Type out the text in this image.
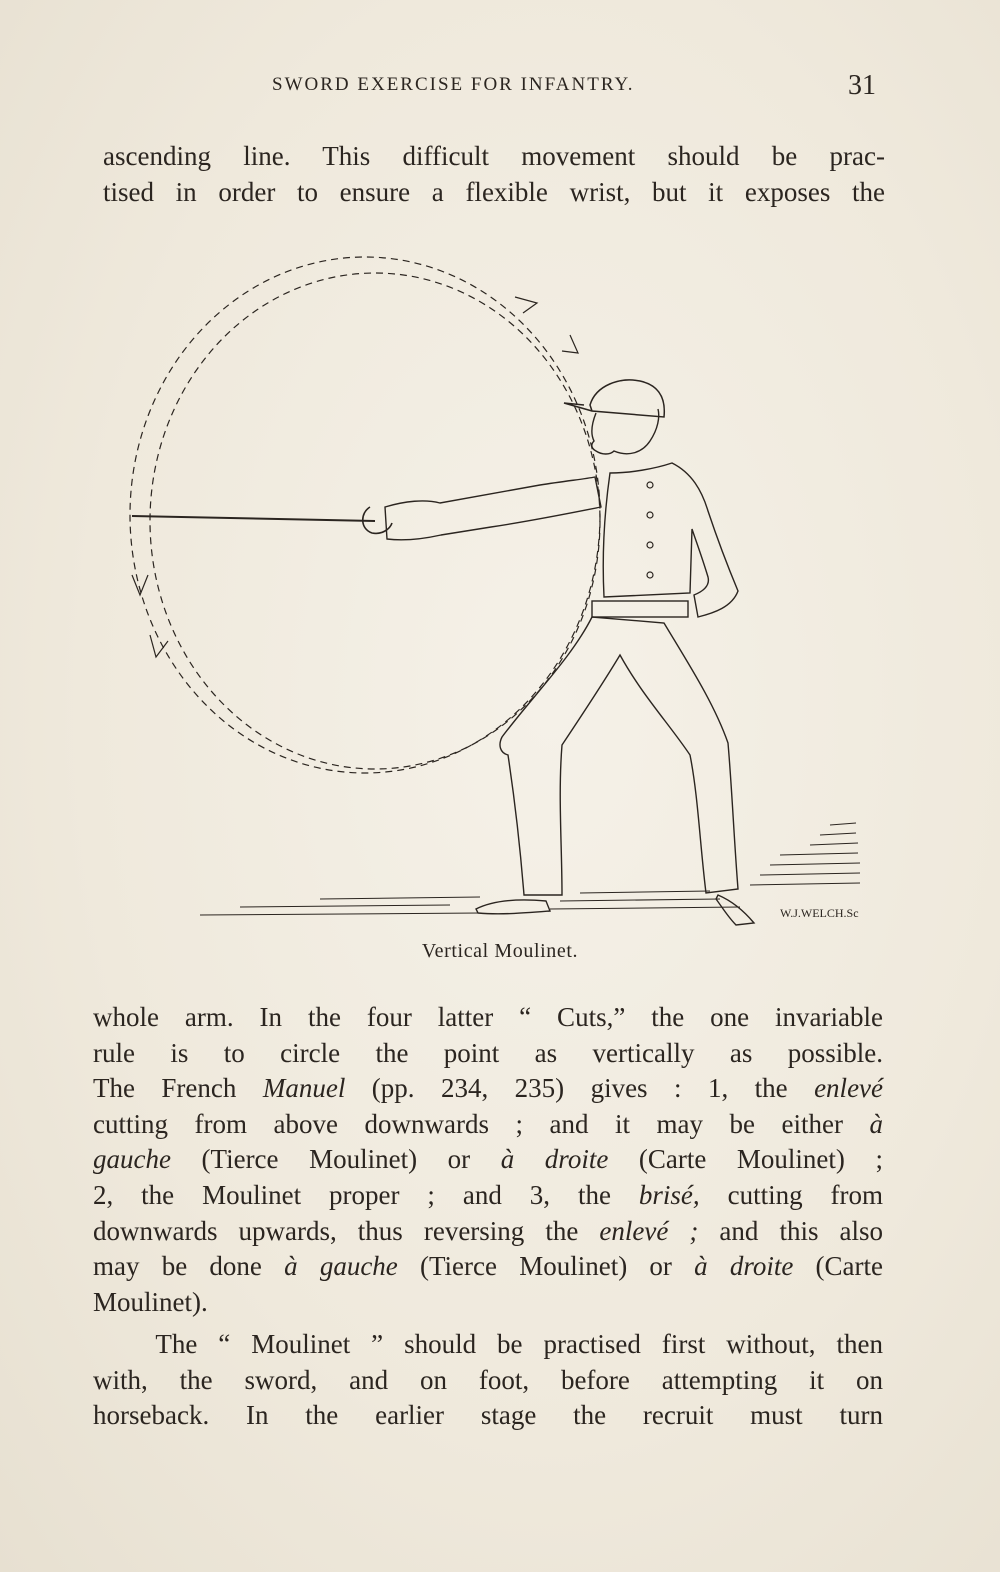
SWORD EXERCISE FOR INFANTRY.	31
ascending line. This difficult movement should be prac-
tised in order to ensure a flexible wrist, but it exposes the
W.J.WELCH.Sc
Vertical Moulinet.
whole arm. In the four latter “ Cuts,” the one invariable
rule is to circle the point as vertically as possible.
The French Manuel (pp. 234, 235) gives : 1, the enlevé
cutting from above downwards ; and it may be either à
gauche (Tierce Moulinet) or à droite (Carte Moulinet) ;
2, the Moulinet proper ; and 3, the brisé, cutting from
downwards upwards, thus reversing the enlevé ; and this also
may be done à gauche (Tierce Moulinet) or à droite (Carte
Moulinet).
The “ Moulinet ” should be practised first without, then
with, the sword, and on foot, before attempting it on
horseback. In the earlier stage the recruit must turn
